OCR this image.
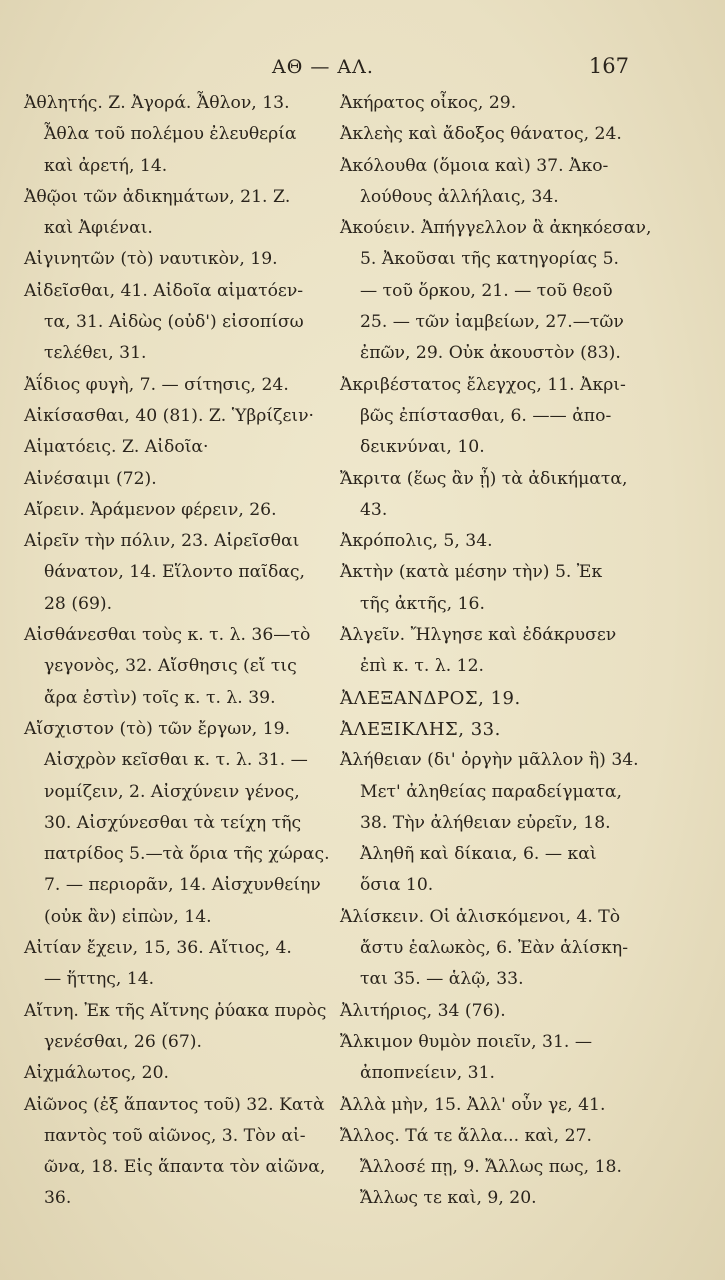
ΑΘ — ΑΛ.	167
Ἀθλητής. Ζ. Ἀγορά. Ἆθλον, 13.
Ἆθλα τοῦ πολέμου ἐλευθερία
καὶ ἀρετή, 14.
Ἀθῷοι τῶν ἀδικημάτων, 21. Ζ.
καὶ Ἀφιέναι.
Αἰγινητῶν (τὸ) ναυτικὸν, 19.
Αἰδεῖσθαι, 41. Αἰδοῖα αἱματόεν-
τα, 31. Αἰδὼς (οὐδ') εἰσοπίσω
τελέθει, 31.
Ἀΐδιος φυγὴ, 7. — σίτησις, 24.
Αἰκίσασθαι, 40 (81). Ζ. Ὑβρίζειν·
Αἱματόεις. Ζ. Αἰδοῖα·
Αἰνέσαιμι (72).
Αἴρειν. Ἀράμενον φέρειν, 26.
Αἱρεῖν τὴν πόλιν, 23. Αἱρεῖσθαι
θάνατον, 14. Εἵλοντο παῖδας,
28 (69).
Αἰσθάνεσθαι τοὺς κ. τ. λ. 36—τὸ
γεγονὸς, 32. Αἴσθησις (εἴ τις
ἄρα ἐστὶν) τοῖς κ. τ. λ. 39.
Αἴσχιστον (τὸ) τῶν ἔργων, 19.
Αἰσχρὸν κεῖσθαι κ. τ. λ. 31. —
νομίζειν, 2. Αἰσχύνειν γένος,
30. Αἰσχύνεσθαι τὰ τείχη τῆς
πατρίδος 5.—τὰ ὅρια τῆς χώρας.
7. — περιορᾶν, 14. Αἰσχυνθείην
(οὐκ ἂν) εἰπὼν, 14.
Αἰτίαν ἔχειν, 15, 36. Αἴτιος, 4.
— ἥττης, 14.
Αἴτνη. Ἐκ τῆς Αἴτνης ῥύακα πυρὸς
γενέσθαι, 26 (67).
Αἰχμάλωτος, 20.
Αἰῶνος (ἐξ ἅπαντος τοῦ) 32. Κατὰ
παντὸς τοῦ αἰῶνος, 3. Τὸν αἰ-
ῶνα, 18. Εἰς ἅπαντα τὸν αἰῶνα,
36.
Ἀκήρατος οἶκος, 29.
Ἀκλεὴς καὶ ἄδοξος θάνατος, 24.
Ἀκόλουθα (ὅμοια καὶ) 37. Ἀκο-
λούθους ἀλλήλαις, 34.
Ἀκούειν. Ἀπήγγελλον ἃ ἀκηκόεσαν,
5. Ἀκοῦσαι τῆς κατηγορίας 5.
— τοῦ ὅρκου, 21. — τοῦ θεοῦ
25. — τῶν ἰαμβείων, 27.—τῶν
ἐπῶν, 29. Οὐκ ἀκουστὸν (83).
Ἀκριβέστατος ἔλεγχος, 11. Ἀκρι-
βῶς ἐπίστασθαι, 6. —— ἀπο-
δεικνύναι, 10.
Ἄκριτα (ἕως ἂν ᾖ) τὰ ἀδικήματα,
43.
Ἀκρόπολις, 5, 34.
Ἀκτὴν (κατὰ μέσην τὴν) 5. Ἐκ
τῆς ἀκτῆς, 16.
Ἀλγεῖν. Ἤλγησε καὶ ἐδάκρυσεν
ἐπὶ κ. τ. λ. 12.
ἈΛΕΞΑΝΔΡΟΣ, 19.
ἈΛΕΞΙΚΛΗΣ, 33.
Ἀλήθειαν (δι' ὀργὴν μᾶλλον ἢ) 34.
Μετ' ἀληθείας παραδείγματα,
38. Τὴν ἀλήθειαν εὑρεῖν, 18.
Ἀληθῆ καὶ δίκαια, 6. — καὶ
ὅσια 10.
Ἁλίσκειν. Οἱ ἁλισκόμενοι, 4. Τὸ
ἄστυ ἑαλωκὸς, 6. Ἐὰν ἁλίσκη-
ται 35. — ἁλῷ, 33.
Ἀλιτήριος, 34 (76).
Ἄλκιμον θυμὸν ποιεῖν, 31. —
ἀποπνείειν, 31.
Ἀλλὰ μὴν, 15. Ἀλλ' οὖν γε, 41.
Ἄλλος. Τά τε ἄλλα... καὶ, 27.
Ἄλλοσέ πῃ, 9. Ἄλλως πως, 18.
Ἄλλως τε καὶ, 9, 20.
